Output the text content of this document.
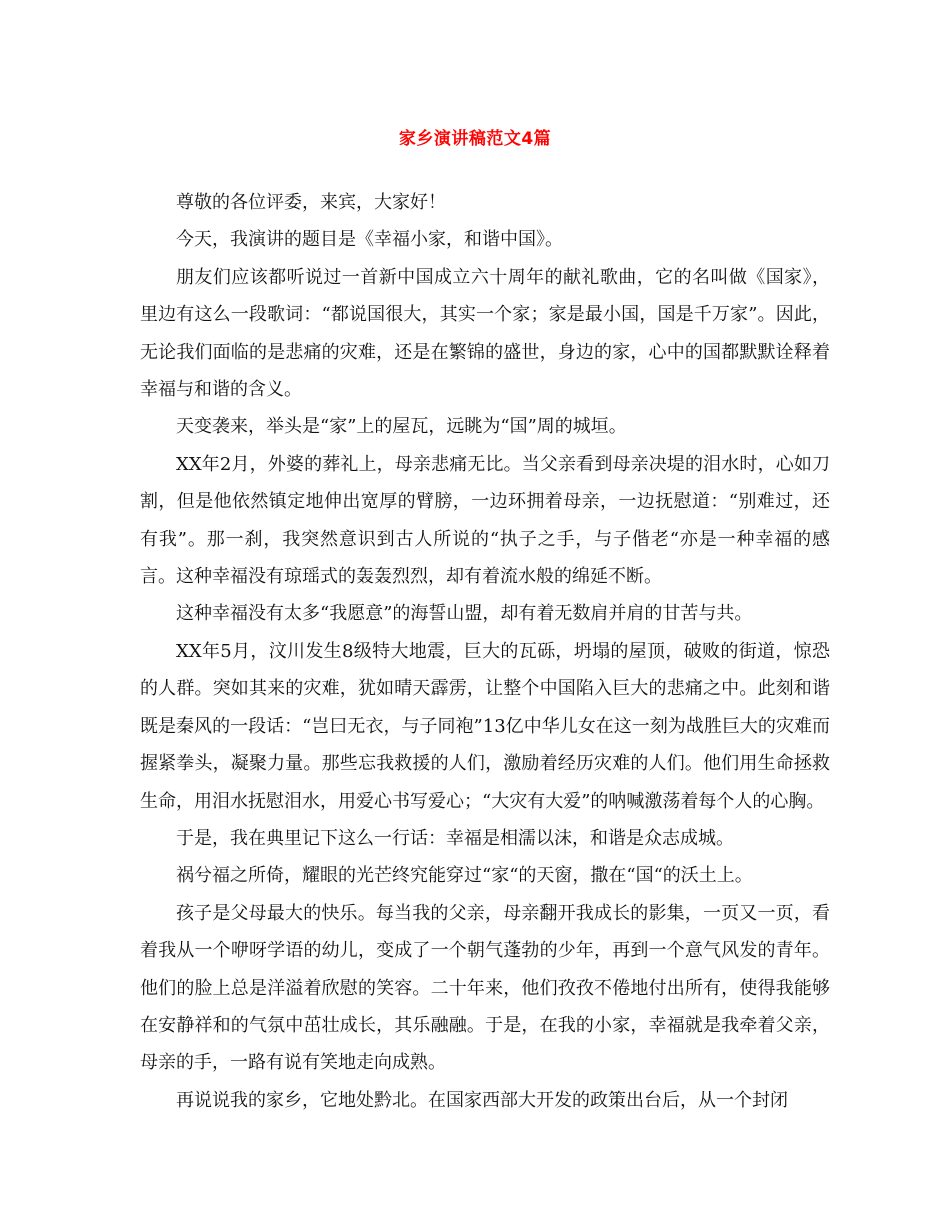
家乡演讲稿范文4篇

尊敬的各位评委，来宾，大家好！

今天，我演讲的题目是《幸福小家，和谐中国》。

朋友们应该都听说过一首新中国成立六十周年的献礼歌曲，它的名叫做《国家》，里边有这么一段歌词：“都说国很大，其实一个家；家是最小国，国是千万家”。因此，无论我们面临的是悲痛的灾难，还是在繁锦的盛世，身边的家，心中的国都默默诠释着幸福与和谐的含义。

天变袭来，举头是“家”上的屋瓦，远眺为“国”周的城垣。

XX年2月，外婆的葬礼上，母亲悲痛无比。当父亲看到母亲决堤的泪水时，心如刀割，但是他依然镇定地伸出宽厚的臂膀，一边环拥着母亲，一边抚慰道：“别难过，还有我”。那一刹，我突然意识到古人所说的“执子之手，与子偕老“亦是一种幸福的感言。这种幸福没有琼瑶式的轰轰烈烈，却有着流水般的绵延不断。

这种幸福没有太多“我愿意”的海誓山盟，却有着无数肩并肩的甘苦与共。

XX年5月，汶川发生8级特大地震，巨大的瓦砾，坍塌的屋顶，破败的街道，惊恐的人群。突如其来的灾难，犹如晴天霹雳，让整个中国陷入巨大的悲痛之中。此刻和谐既是秦风的一段话：“岂曰无衣，与子同袍”13亿中华儿女在这一刻为战胜巨大的灾难而握紧拳头，凝聚力量。那些忘我救援的人们，激励着经历灾难的人们。他们用生命拯救生命，用泪水抚慰泪水，用爱心书写爱心；“大灾有大爱”的呐喊激荡着每个人的心胸。

于是，我在典里记下这么一行话：幸福是相濡以沫，和谐是众志成城。

祸兮福之所倚，耀眼的光芒终究能穿过“家“的天窗，撒在“国“的沃土上。

孩子是父母最大的快乐。每当我的父亲，母亲翻开我成长的影集，一页又一页，看着我从一个咿呀学语的幼儿，变成了一个朝气蓬勃的少年，再到一个意气风发的青年。他们的脸上总是洋溢着欣慰的笑容。二十年来，他们孜孜不倦地付出所有，使得我能够在安静祥和的气氛中茁壮成长，其乐融融。于是，在我的小家，幸福就是我牵着父亲，母亲的手，一路有说有笑地走向成熟。

再说说我的家乡，它地处黔北。在国家西部大开发的政策出台后，从一个封闭
